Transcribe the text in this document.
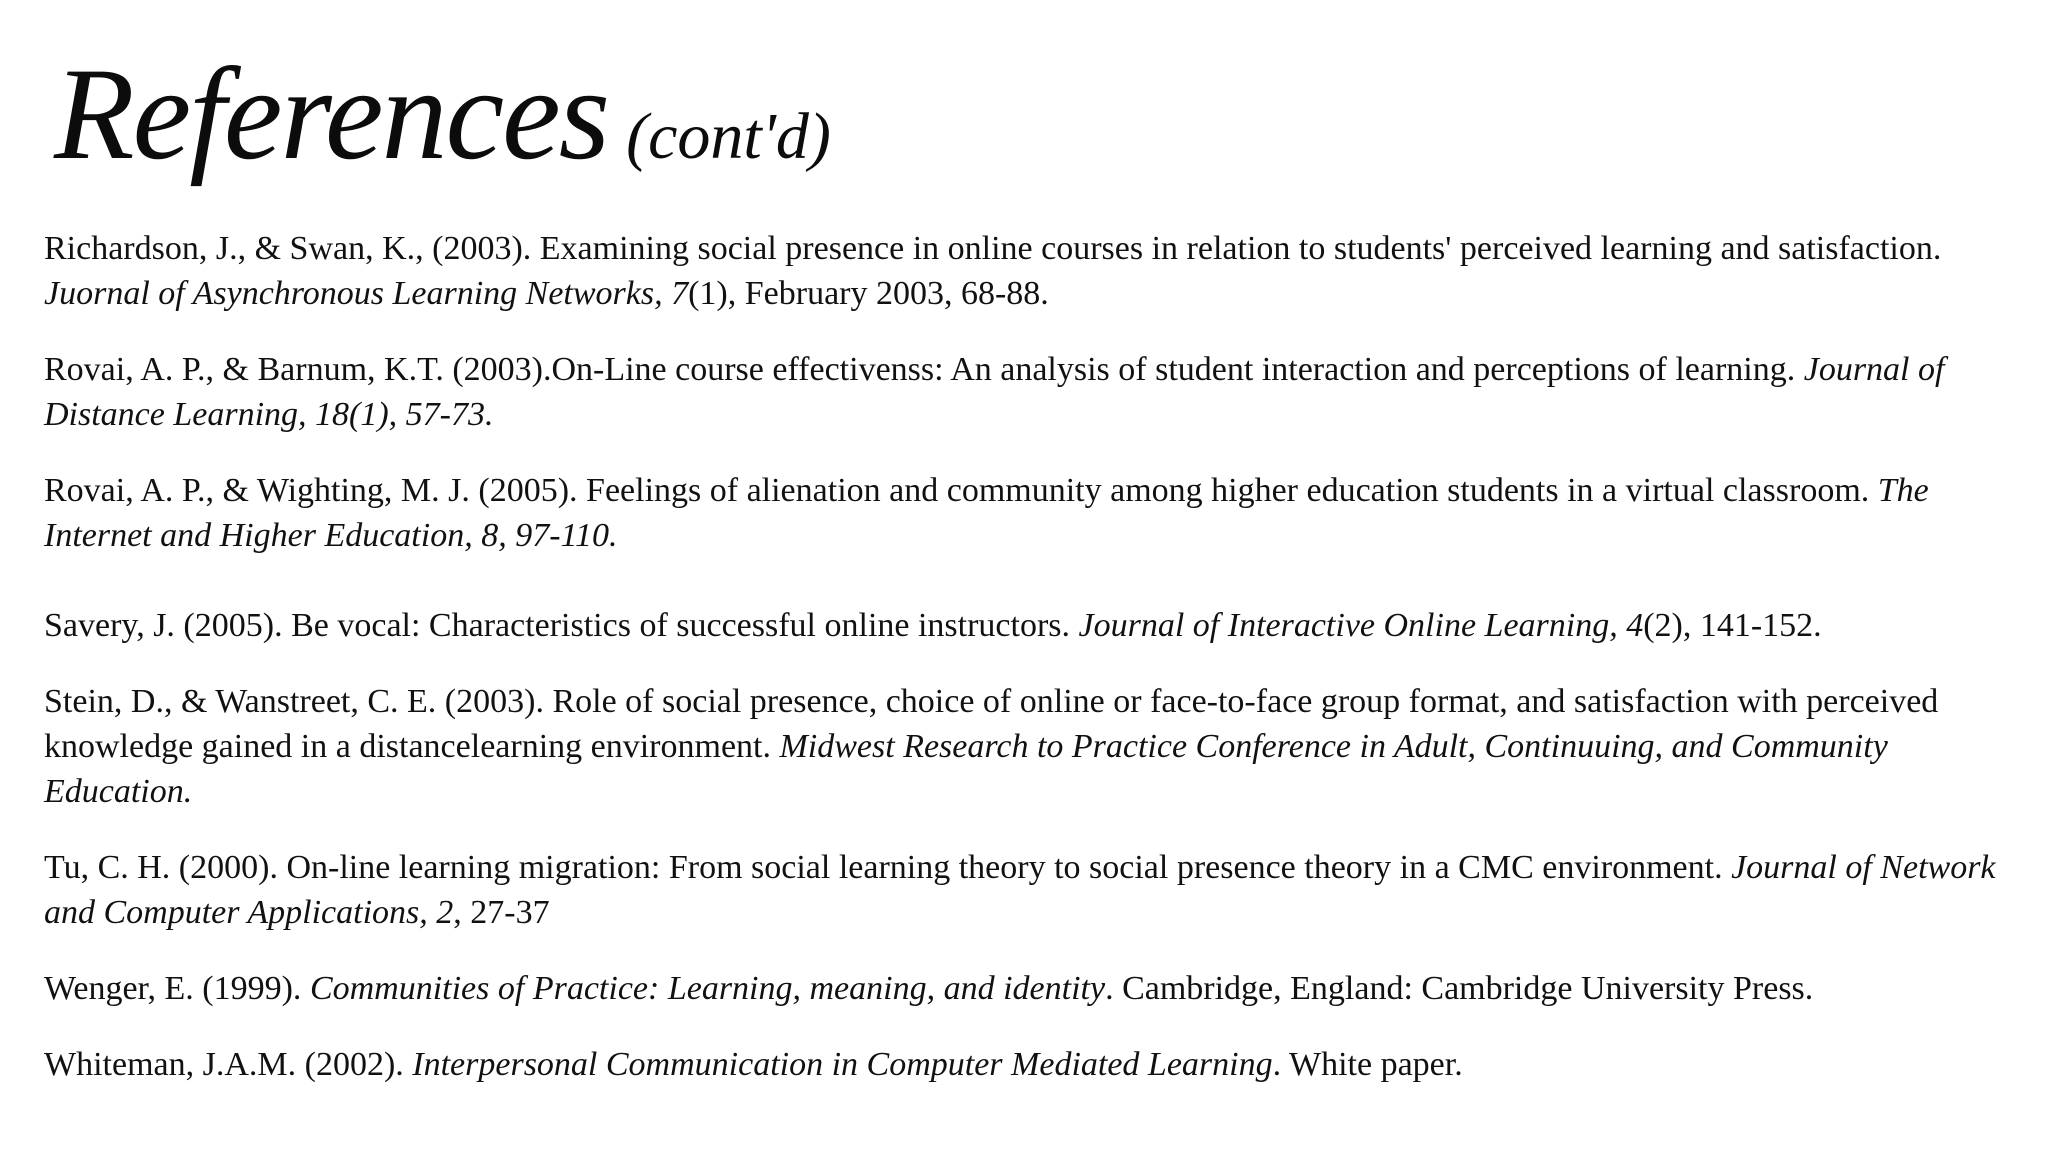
References (cont'd)

Richardson, J., & Swan, K., (2003). Examining social presence in online courses in relation to students' perceived learning and satisfaction. Juornal of Asynchronous Learning Networks, 7(1), February 2003, 68-88.

Rovai, A. P., & Barnum, K.T. (2003).On-Line course effectivenss: An analysis of student interaction and perceptions of learning. Journal of Distance Learning, 18(1), 57-73.

Rovai, A. P., & Wighting, M. J. (2005). Feelings of alienation and community among higher education students in a virtual classroom. The Internet and Higher Education, 8, 97-110.

Savery, J. (2005). Be vocal: Characteristics of successful online instructors. Journal of Interactive Online Learning, 4(2), 141-152.

Stein, D., & Wanstreet, C. E. (2003). Role of social presence, choice of online or face-to-face group format, and satisfaction with perceived knowledge gained in a distancelearning environment. Midwest Research to Practice Conference in Adult, Continuuing, and Community Education.

Tu, C. H. (2000). On-line learning migration: From social learning theory to social presence theory in a CMC environment. Journal of Network and Computer Applications, 2, 27-37

Wenger, E. (1999). Communities of Practice: Learning, meaning, and identity. Cambridge, England: Cambridge University Press.

Whiteman, J.A.M. (2002). Interpersonal Communication in Computer Mediated Learning. White paper.
